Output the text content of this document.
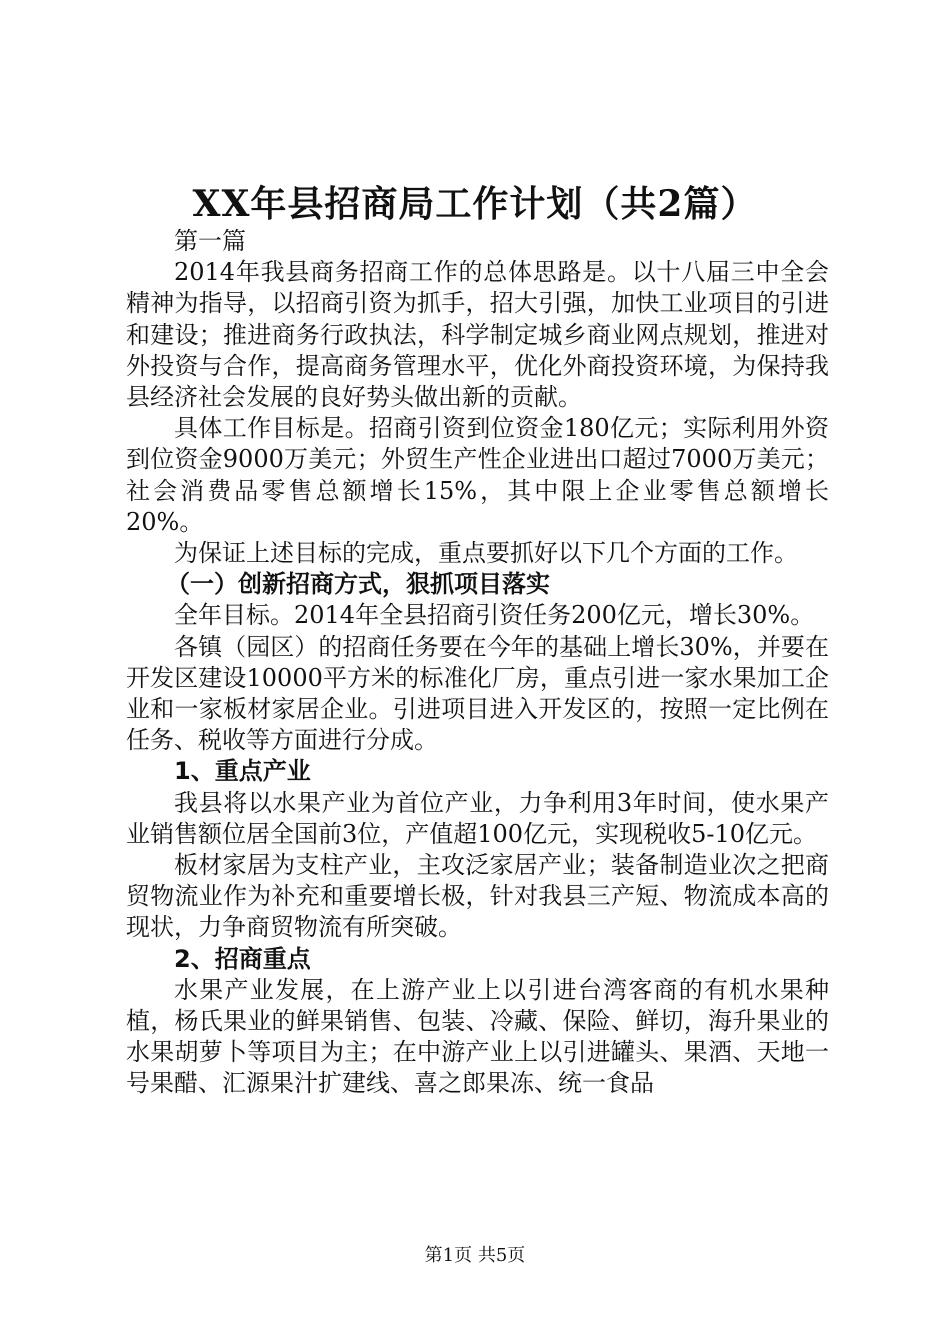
XX年县招商局工作计划（共2篇）

第一篇

2014年我县商务招商工作的总体思路是。以十八届三中全会精神为指导，以招商引资为抓手，招大引强，加快工业项目的引进和建设；推进商务行政执法，科学制定城乡商业网点规划，推进对外投资与合作，提高商务管理水平，优化外商投资环境，为保持我县经济社会发展的良好势头做出新的贡献。

具体工作目标是。招商引资到位资金180亿元；实际利用外资到位资金9000万美元；外贸生产性企业进出口超过7000万美元；社会消费品零售总额增长15%，其中限上企业零售总额增长20%。

为保证上述目标的完成，重点要抓好以下几个方面的工作。

（一）创新招商方式，狠抓项目落实

全年目标。2014年全县招商引资任务200亿元，增长30%。

各镇（园区）的招商任务要在今年的基础上增长30%，并要在开发区建设10000平方米的标准化厂房，重点引进一家水果加工企业和一家板材家居企业。引进项目进入开发区的，按照一定比例在任务、税收等方面进行分成。

1、重点产业

我县将以水果产业为首位产业，力争利用3年时间，使水果产业销售额位居全国前3位，产值超100亿元，实现税收5-10亿元。

板材家居为支柱产业，主攻泛家居产业；装备制造业次之把商贸物流业作为补充和重要增长极，针对我县三产短、物流成本高的现状，力争商贸物流有所突破。

2、招商重点

水果产业发展，在上游产业上以引进台湾客商的有机水果种植，杨氏果业的鲜果销售、包装、冷藏、保险、鲜切，海升果业的水果胡萝卜等项目为主；在中游产业上以引进罐头、果酒、天地一号果醋、汇源果汁扩建线、喜之郎果冻、统一食品

第1页 共5页
